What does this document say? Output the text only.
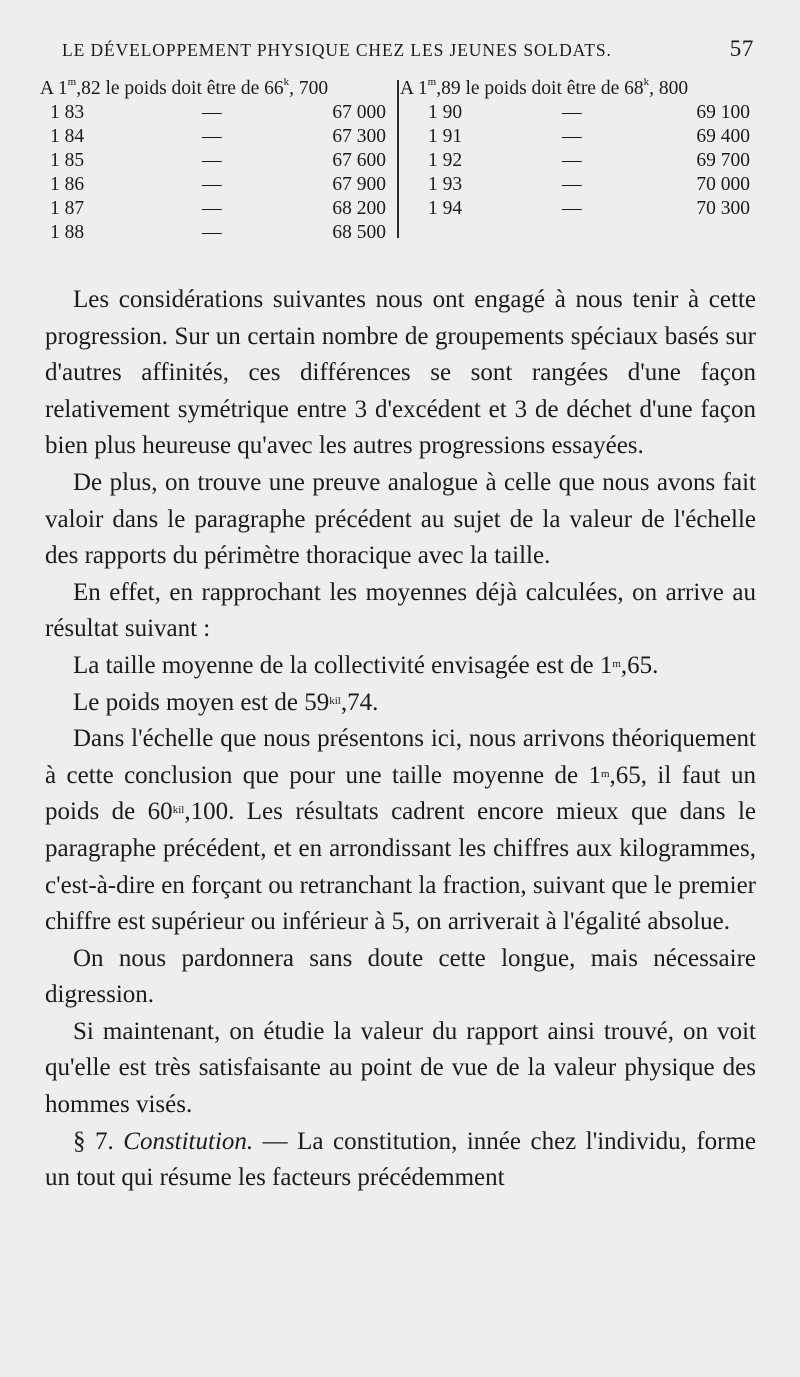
LE DÉVELOPPEMENT PHYSIQUE CHEZ LES JEUNES SOLDATS.	57
A 1$^m$,82 le poids doit être de 66$^k$, 700
1 83	—	67 000
1 84	—	67 300
1 85	—	67 600
1 86	—	67 900
1 87	—	68 200
1 88	—	68 500
A 1$^m$,89 le poids doit être de 68$^k$, 800
1 90	—	69 100
1 91	—	69 400
1 92	—	69 700
1 93	—	70 000
1 94	—	70 300

Les considérations suivantes nous ont engagé à nous tenir à cette progression. Sur un certain nombre de groupements spéciaux basés sur d'autres affinités, ces différences se sont rangées d'une façon relativement symétrique entre 3 d'excédent et 3 de déchet d'une façon bien plus heureuse qu'avec les autres progressions essayées.

De plus, on trouve une preuve analogue à celle que nous avons fait valoir dans le paragraphe précédent au sujet de la valeur de l'échelle des rapports du périmètre thoracique avec la taille.

En effet, en rapprochant les moyennes déjà calculées, on arrive au résultat suivant :

La taille moyenne de la collectivité envisagée est de 1$^m$,65.

Le poids moyen est de $59^{kil},74$.

Dans l'échelle que nous présentons ici, nous arrivons théoriquement à cette conclusion que pour une taille moyenne de 1$^m$,65, il faut un poids de $60^{kil},100$. Les résultats cadrent encore mieux que dans le paragraphe précédent, et en arrondissant les chiffres aux kilogrammes, c'est-à-dire en forçant ou retranchant la fraction, suivant que le premier chiffre est supérieur ou inférieur à 5, on arriverait à l'égalité absolue.

On nous pardonnera sans doute cette longue, mais nécessaire digression.

Si maintenant, on étudie la valeur du rapport ainsi trouvé, on voit qu'elle est très satisfaisante au point de vue de la valeur physique des hommes visés.

§ 7. Constitution. — La constitution, innée chez l'individu, forme un tout qui résume les facteurs précédemment
